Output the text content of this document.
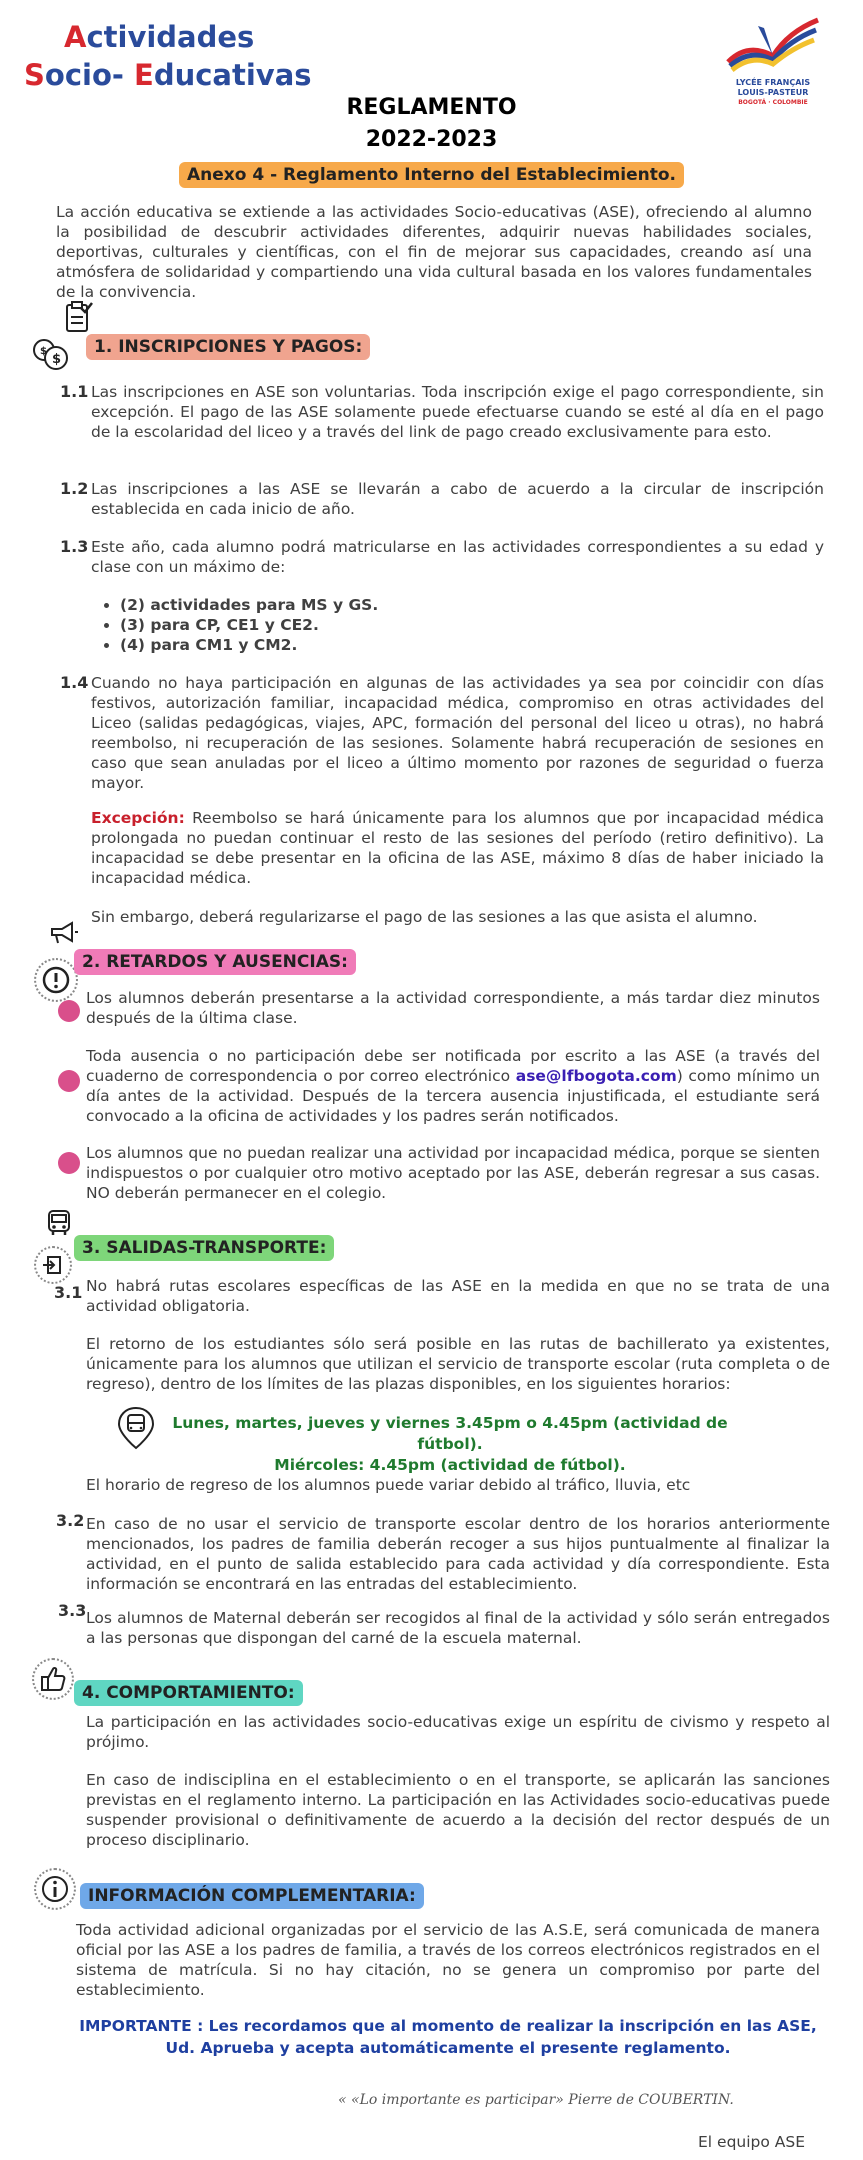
Actividades
Socio- Educativas	LYCÉE FRANÇAIS
LOUIS-PASTEUR
BOGOTÁ · COLOMBIE
REGLAMENTO
2022-2023
Anexo 4 - Reglamento Interno del Establecimiento.
La acción educativa se extiende a las actividades Socio-educativas (ASE), ofreciendo al alumno la posibilidad de descubrir actividades diferentes, adquirir nuevas habilidades sociales, deportivas, culturales y científicas, con el fin de mejorar sus capacidades, creando así una atmósfera de solidaridad y compartiendo una vida cultural basada en los valores fundamentales de la convivencia.
$
$	1. INSCRIPCIONES Y PAGOS:
1.1 Las inscripciones en ASE son voluntarias. Toda inscripción exige el pago correspondiente, sin excepción. El pago de las ASE solamente puede efectuarse cuando se esté al día en el pago de la escolaridad del liceo y a través del link de pago creado exclusivamente para esto.
1.2 Las inscripciones a las ASE se llevarán a cabo de acuerdo a la circular de inscripción establecida en cada inicio de año.
1.3 Este año, cada alumno podrá matricularse en las actividades correspondientes a su edad y clase con un máximo de:
• (2) actividades para MS y GS.
• (3) para CP, CE1 y CE2.
• (4) para CM1 y CM2.
1.4 Cuando no haya participación en algunas de las actividades ya sea por coincidir con días festivos, autorización familiar, incapacidad médica, compromiso en otras actividades del Liceo (salidas pedagógicas, viajes, APC, formación del personal del liceo u otras), no habrá reembolso, ni recuperación de las sesiones. Solamente habrá recuperación de sesiones en caso que sean anuladas por el liceo a último momento por razones de seguridad o fuerza mayor.
Excepción: Reembolso se hará únicamente para los alumnos que por incapacidad médica prolongada no puedan continuar el resto de las sesiones del período (retiro definitivo). La incapacidad se debe presentar en la oficina de las ASE, máximo 8 días de haber iniciado la incapacidad médica.
Sin embargo, deberá regularizarse el pago de las sesiones a las que asista el alumno.
2. RETARDOS Y AUSENCIAS:
Los alumnos deberán presentarse a la actividad correspondiente, a más tardar diez minutos después de la última clase.
Toda ausencia o no participación debe ser notificada por escrito a las ASE (a través del cuaderno de correspondencia o por correo electrónico ase@lfbogota.com) como mínimo un día antes de la actividad. Después de la tercera ausencia injustificada, el estudiante será convocado a la oficina de actividades y los padres serán notificados.
Los alumnos que no puedan realizar una actividad por incapacidad médica, porque se sienten indispuestos o por cualquier otro motivo aceptado por las ASE, deberán regresar a sus casas. NO deberán permanecer en el colegio.
3. SALIDAS-TRANSPORTE:
3.1 No habrá rutas escolares específicas de las ASE en la medida en que no se trata de una actividad obligatoria.
El retorno de los estudiantes sólo será posible en las rutas de bachillerato ya existentes, únicamente para los alumnos que utilizan el servicio de transporte escolar (ruta completa o de regreso), dentro de los límites de las plazas disponibles, en los siguientes horarios:
Lunes, martes, jueves y viernes 3.45pm o 4.45pm (actividad de fútbol).
Miércoles: 4.45pm (actividad de fútbol).
El horario de regreso de los alumnos puede variar debido al tráfico, lluvia, etc
3.2 En caso de no usar el servicio de transporte escolar dentro de los horarios anteriormente mencionados, los padres de familia deberán recoger a sus hijos puntualmente al finalizar la actividad, en el punto de salida establecido para cada actividad y día correspondiente. Esta información se encontrará en las entradas del establecimiento.
3.3 Los alumnos de Maternal deberán ser recogidos al final de la actividad y sólo serán entregados a las personas que dispongan del carné de la escuela maternal.
4. COMPORTAMIENTO:
La participación en las actividades socio-educativas exige un espíritu de civismo y respeto al prójimo.
En caso de indisciplina en el establecimiento o en el transporte, se aplicarán las sanciones previstas en el reglamento interno. La participación en las Actividades socio-educativas puede suspender provisional o definitivamente de acuerdo a la decisión del rector después de un proceso disciplinario.
INFORMACIÓN COMPLEMENTARIA:
Toda actividad adicional organizadas por el servicio de las A.S.E, será comunicada de manera oficial por las ASE a los padres de familia, a través de los correos electrónicos registrados en el sistema de matrícula. Si no hay citación, no se genera un compromiso por parte del establecimiento.
IMPORTANTE : Les recordamos que al momento de realizar la inscripción en las ASE, Ud. Aprueba y acepta automáticamente el presente reglamento.
« «Lo importante es participar» Pierre de COUBERTIN.
El equipo ASE
